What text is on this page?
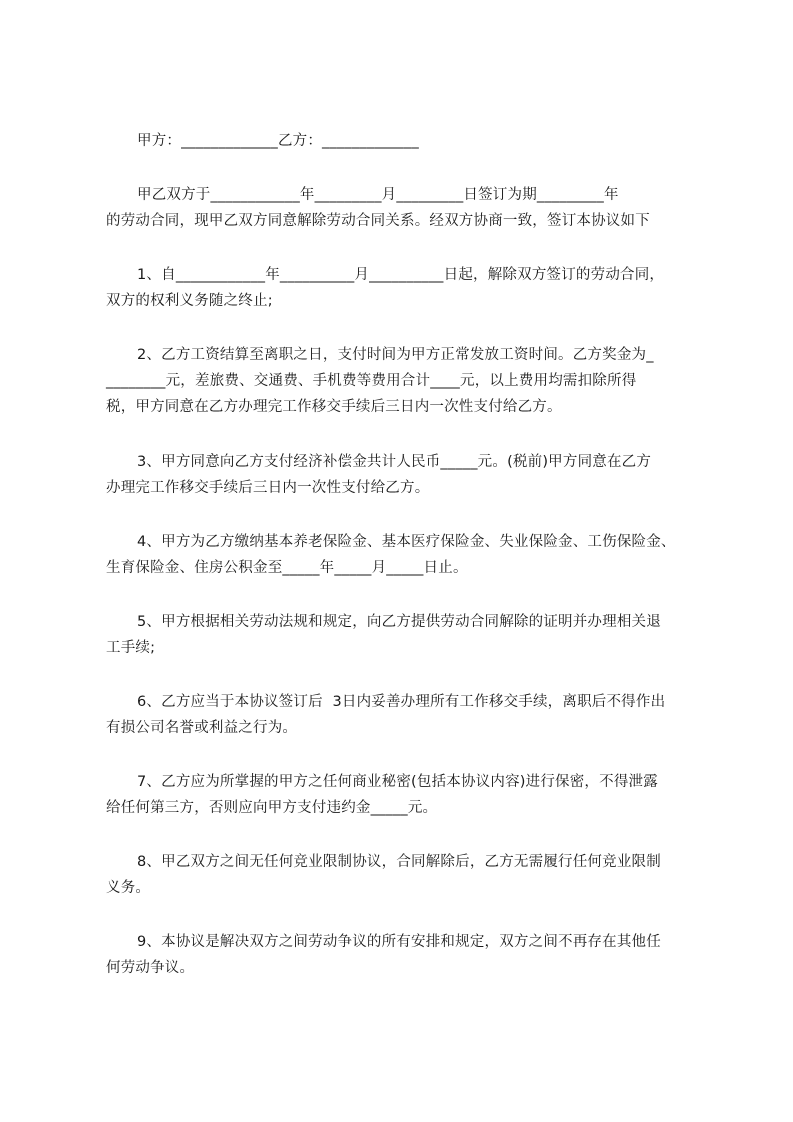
甲方：_____________乙方：_____________
甲乙双方于____________年_________月_________日签订为期_________年
的劳动合同，现甲乙双方同意解除劳动合同关系。经双方协商一致，签订本协议如下
1、自____________年__________月__________日起，解除双方签订的劳动合同，
双方的权利义务随之终止;
2、乙方工资结算至离职之日，支付时间为甲方正常发放工资时间。乙方奖金为_
________元，差旅费、交通费、手机费等费用合计____元，以上费用均需扣除所得
税，甲方同意在乙方办理完工作移交手续后三日内一次性支付给乙方。
3、甲方同意向乙方支付经济补偿金共计人民币_____元。(税前)甲方同意在乙方
办理完工作移交手续后三日内一次性支付给乙方。
4、甲方为乙方缴纳基本养老保险金、基本医疗保险金、失业保险金、工伤保险金、
生育保险金、住房公积金至_____年_____月_____日止。
5、甲方根据相关劳动法规和规定，向乙方提供劳动合同解除的证明并办理相关退
工手续;
6、乙方应当于本协议签订后  3日内妥善办理所有工作移交手续，离职后不得作出
有损公司名誉或利益之行为。
7、乙方应为所掌握的甲方之任何商业秘密(包括本协议内容)进行保密，不得泄露
给任何第三方，否则应向甲方支付违约金_____元。
8、甲乙双方之间无任何竞业限制协议，合同解除后，乙方无需履行任何竞业限制
义务。
9、本协议是解决双方之间劳动争议的所有安排和规定，双方之间不再存在其他任
何劳动争议。
